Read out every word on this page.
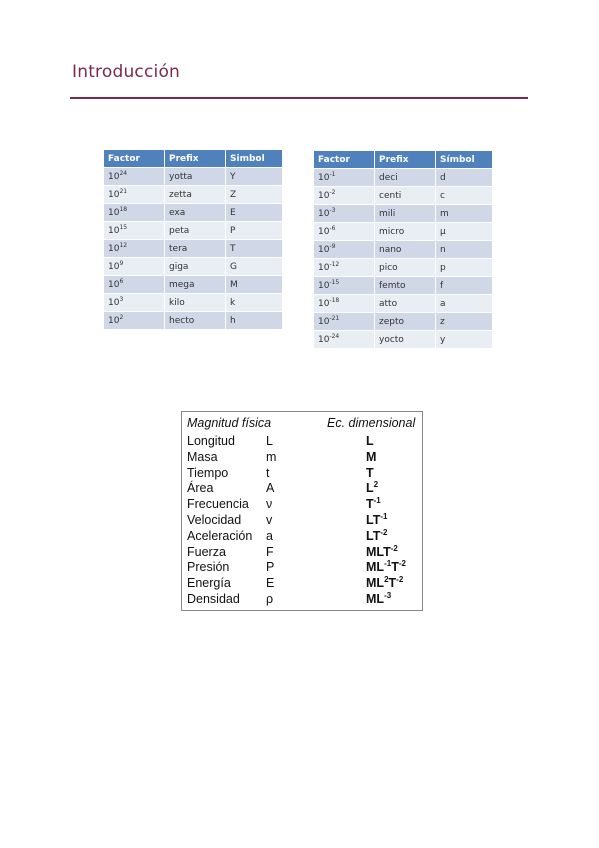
Introducción
Factor	Prefix	Simbol
$10^{24}$	yotta	Y
$10^{21}$	zetta	Z
$10^{18}$	exa	E
$10^{15}$	peta	P
$10^{12}$	tera	T
$10^9$	giga	G
$10^6$	mega	M
$10^3$	kilo	k
$10^2$	hecto	h
Factor	Prefix	Símbol
$10^{-1}$	deci	d
$10^{-2}$	centi	c
$10^{-3}$	mili	m
$10^{-6}$	micro	µ
$10^{-9}$	nano	n
$10^{-12}$	pico	p
$10^{-15}$	femto	f
$10^{-18}$	atto	a
$10^{-21}$	zepto	z
$10^{-24}$	yocto	y
Magnitud física	Ec. dimensional
Longitud L	L
Masa	m	M
Tiempo	t	T
Área	A	$L^2$
Frecuencia ν	$T^{-1}$
Velocidad v	$LT^{-1}$
Aceleración a	$LT^{-2}$
Fuerza	F	$MLT^{-2}$
Presión	P	$ML^{-1}T^{-2}$
Energía	E	$ML^2T^{-2}$
Densidad ρ	$ML^{-3}$
